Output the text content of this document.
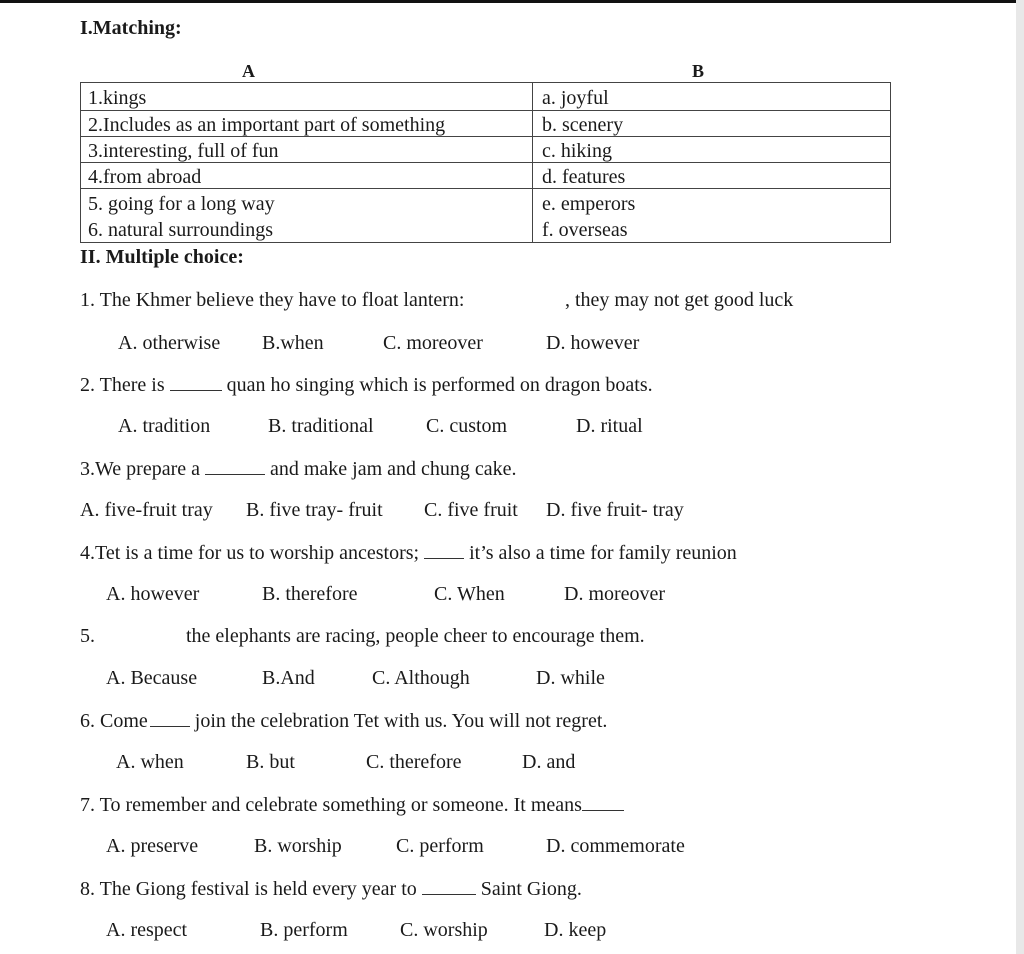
I.Matching:
A	B
1.kings	a. joyful
2.Includes as an important part of something	b. scenery
3.interesting, full of fun	c. hiking
4.from abroad	d. features
5. going for a long way	e. emperors
6. natural surroundings	f. overseas
II. Multiple choice:
1. The Khmer believe they have to float lantern:	, they may not get good luck
A. otherwise B.when	C. moreover	D. however
2. There is	quan ho singing which is performed on dragon boats.
A. tradition	B. traditional	C. custom	D. ritual
3.We prepare a	and make jam and chung cake.
A. five-fruit tray B. five tray- fruit C. five fruit D. five fruit- tray
4.Tet is a time for us to worship ancestors;	it’s also a time for family reunion
A. however	B. therefore	C. When	D. moreover
5.	the elephants are racing, people cheer to encourage them.
A. Because	B.And	C. Although	D. while
6. Come join the celebration Tet with us. You will not regret.
A. when	B. but	C. therefore	D. and
7. To remember and celebrate something or someone. It means
A. preserve	B. worship	C. perform	D. commemorate
8. The Giong festival is held every year to	Saint Giong.
A. respect	B. perform	C. worship	D. keep
